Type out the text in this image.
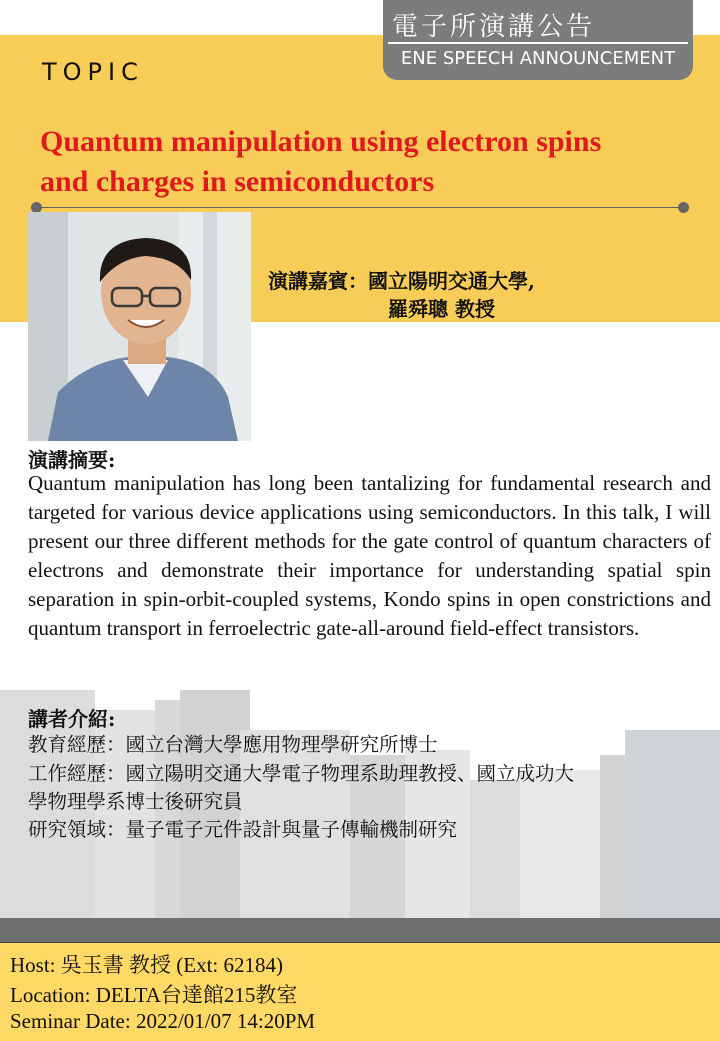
電子所演講公告
ENE SPEECH ANNOUNCEMENT
TOPIC
Quantum manipulation using electron spins
and charges in semiconductors
演講嘉賓：國立陽明交通大學,
羅舜聰 教授
演講摘要:
Quantum manipulation has long been tantalizing for fundamental research and targeted for various device applications using semiconductors. In this talk, I will present our three different methods for the gate control of quantum characters of electrons and demonstrate their importance for understanding spatial spin separation in spin-orbit-coupled systems, Kondo spins in open constrictions and quantum transport in ferroelectric gate-all-around field-effect transistors.
講者介紹:
教育經歷：國立台灣大學應用物理學研究所博士
工作經歷：國立陽明交通大學電子物理系助理教授、國立成功大
學物理學系博士後研究員
研究領域：量子電子元件設計與量子傳輸機制研究
Host: 吳玉書 教授 (Ext: 62184)
Location: DELTA台達館215教室
Seminar Date: 2022/01/07 14:20PM
